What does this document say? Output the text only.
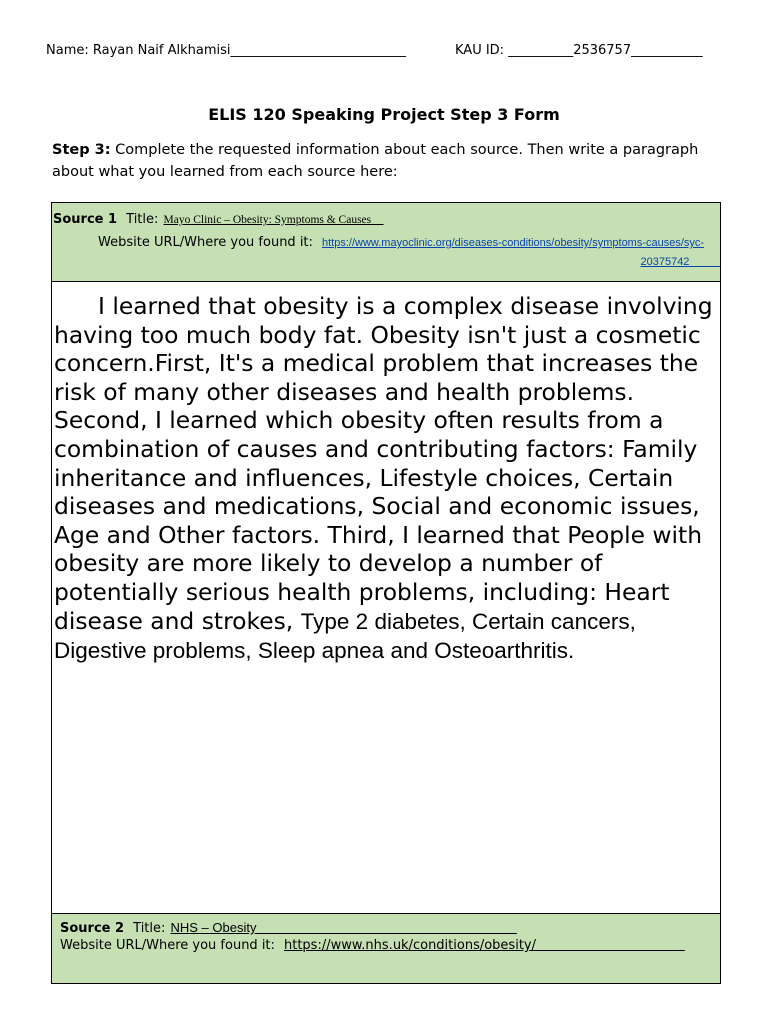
Name: Rayan Naif Alkhamisi___________________________	KAU ID: __________2536757___________
ELIS 120 Speaking Project Step 3 Form
Step 3: Complete the requested information about each source. Then write a paragraph
about what you learned from each source here:
Source 1 Title: Mayo Clinic – Obesity: Symptoms & Causes
Website URL/Where you found it: https://www.mayoclinic.org/diseases-conditions/obesity/symptoms-causes/syc-
20375742
I learned that obesity is a complex disease involving having too much body fat. Obesity isn't just a cosmetic concern.First, It's a medical problem that increases the risk of many other diseases and health problems. Second, I learned which obesity often results from a combination of causes and contributing factors: Family inheritance and influences, Lifestyle choices, Certain diseases and medications, Social and economic issues, Age and Other factors. Third, I learned that People with obesity are more likely to develop a number of potentially serious health problems, including: Heart disease and strokes, Type 2 diabetes, Certain cancers, Digestive problems, Sleep apnea and Osteoarthritis.
Source 2 Title: NHS – Obesity
Website URL/Where you found it: https://www.nhs.uk/conditions/obesity/
